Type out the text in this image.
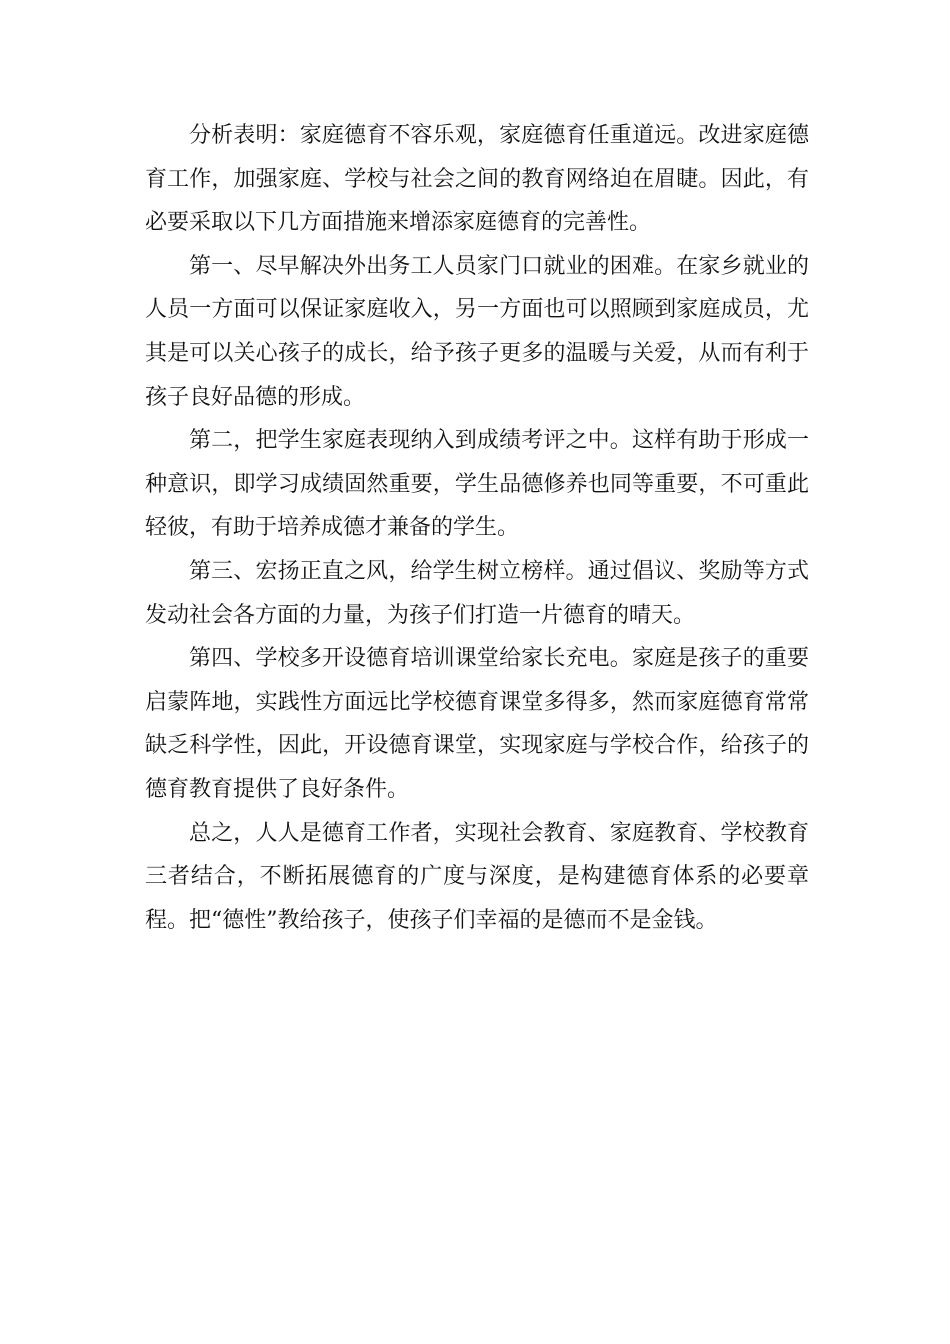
分析表明：家庭德育不容乐观，家庭德育任重道远。改进家庭德育工作，加强家庭、学校与社会之间的教育网络迫在眉睫。因此，有必要采取以下几方面措施来增添家庭德育的完善性。

第一、尽早解决外出务工人员家门口就业的困难。在家乡就业的人员一方面可以保证家庭收入，另一方面也可以照顾到家庭成员，尤其是可以关心孩子的成长，给予孩子更多的温暖与关爱，从而有利于孩子良好品德的形成。

第二，把学生家庭表现纳入到成绩考评之中。这样有助于形成一种意识，即学习成绩固然重要，学生品德修养也同等重要，不可重此轻彼，有助于培养成德才兼备的学生。

第三、宏扬正直之风，给学生树立榜样。通过倡议、奖励等方式发动社会各方面的力量，为孩子们打造一片德育的晴天。

第四、学校多开设德育培训课堂给家长充电。家庭是孩子的重要启蒙阵地，实践性方面远比学校德育课堂多得多，然而家庭德育常常缺乏科学性，因此，开设德育课堂，实现家庭与学校合作，给孩子的德育教育提供了良好条件。

总之，人人是德育工作者，实现社会教育、家庭教育、学校教育三者结合，不断拓展德育的广度与深度，是构建德育体系的必要章程。把“德性”教给孩子，使孩子们幸福的是德而不是金钱。
